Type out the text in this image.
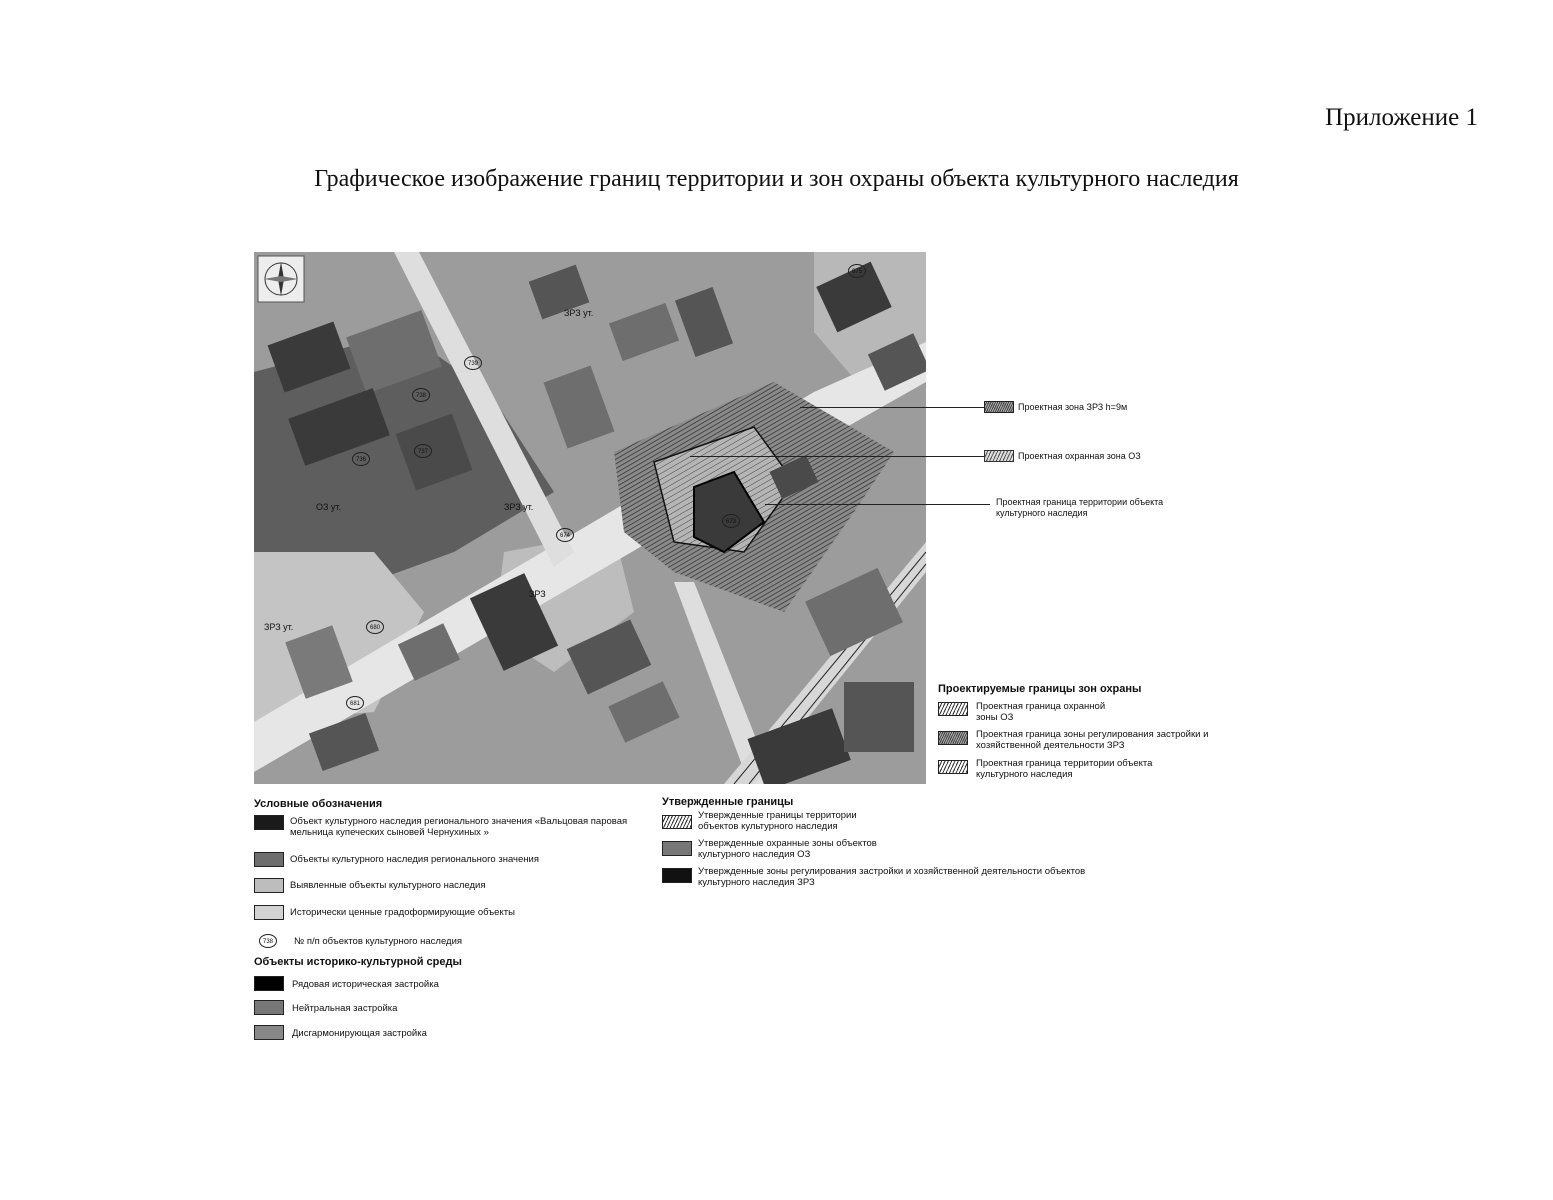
Приложение 1
Графическое изображение границ территории и зон охраны объекта культурного наследия
ОЗ ут.
ЗРЗ ут.
ЗРЗ ут.
ЗРЗ
ЗРЗ ут.
738
736
737
739
673
674
680
681
675
Проектная зона ЗРЗ h=9м
Проектная охранная зона ОЗ
Проектная граница территории объекта культурного наследия
Проектируемые границы зон охраны
Проектная граница охранной зоны ОЗ
Проектная граница зоны регулирования застройки и хозяйственной деятельности ЗРЗ
Проектная граница территории объекта культурного наследия
Условные обозначения
Объект культурного наследия регионального значения «Вальцовая паровая мельница купеческих сыновей Чернухиных »
Объекты культурного наследия регионального значения
Выявленные объекты культурного наследия
Исторически ценные градоформирующие объекты
738	№ п/п объектов культурного наследия
Объекты историко-культурной среды
Рядовая историческая застройка
Нейтральная застройка
Дисгармонирующая застройка
Утвержденные границы
Утвержденные границы территории объектов культурного наследия
Утвержденные охранные зоны объектов культурного наследия ОЗ
Утвержденные зоны регулирования застройки и хозяйственной деятельности объектов культурного наследия ЗРЗ
